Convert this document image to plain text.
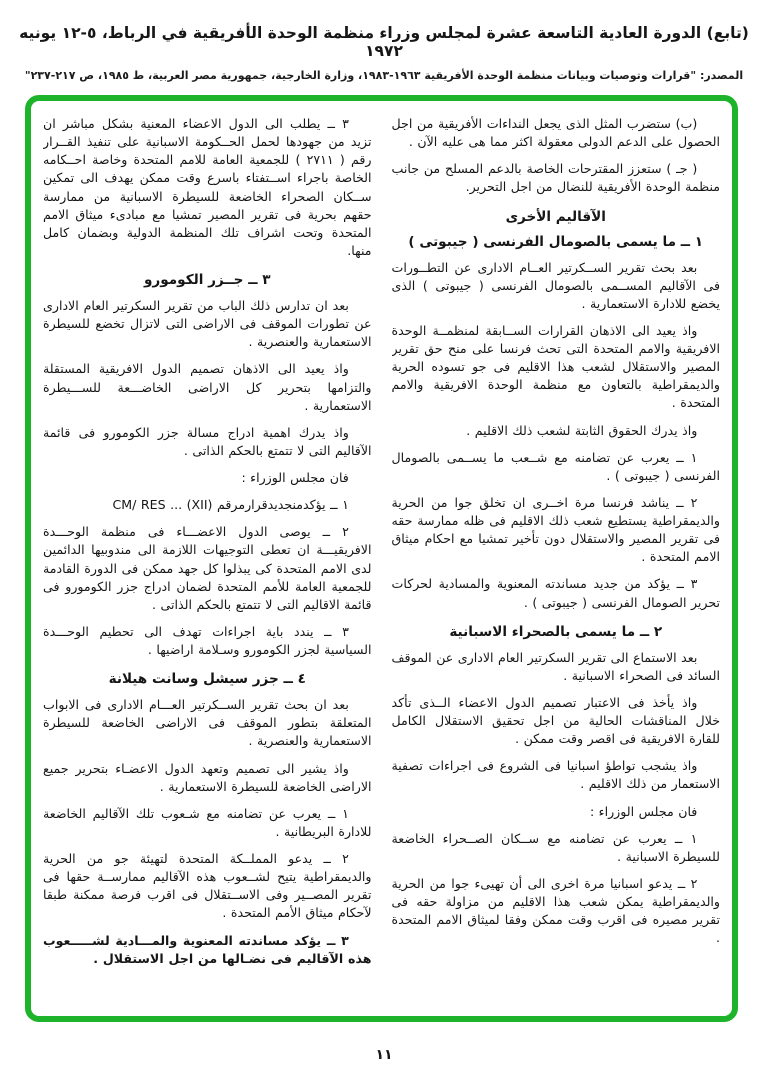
(تابع) الدورة العادية التاسعة عشرة لمجلس وزراء منظمة الوحدة الأفريقية في الرباط، ٥-١٢ يونيه ١٩٧٢
المصدر: "قرارات وتوصيات وبيانات منظمة الوحدة الأفريقية ١٩٦٣-١٩٨٣، وزارة الخارجية، جمهورية مصر العربية، ط ١٩٨٥، ص ٢١٧-٢٣٧"

(ب) ستضرب المثل الذى يجعل النداءات الأفريقية من اجل الحصول على الدعم الدولى معقولة اكثر مما هى عليه الآن .

( جـ ) ستعزز المقترحات الخاصة بالدعم المسلح من جانب منظمة الوحدة الأفريقية للنضال من اجل التحرير.

الآقاليم الأخرى
١ ــ ما يسمى بالصومال الفرنسى ( جيبوتى )

بعد بحث تقرير الســكرتير العــام الادارى عن التطــورات فى الآقاليم المســمى بالصومال الفرنسى ( جيبوتى ) الذى يخضع للادارة الاستعمارية .

واذ يعيد الى الاذهان القرارات الســابقة لمنظمــة الوحدة الافريقية والامم المتحدة التى تحث فرنسا على منح حق تقرير المصير والاستقلال لشعب هذا الاقليم فى جو تسوده الحرية والديمقراطية بالتعاون مع منظمة الوحدة الافريقية والامم المتحدة .

واذ يدرك الحقوق الثابتة لشعب ذلك الاقليم .

١ ــ يعرب عن تضامنه مع شــعب ما يســمى بالصومال الفرنسى ( جيبوتى ) .

٢ ــ يناشد فرنسا مرة اخــرى ان تخلق جوا من الحرية والديمقراطية يستطيع شعب ذلك الاقليم فى ظله ممارسة حقه فى تقرير المصير والاستقلال دون تأخير تمشيا مع احكام ميثاق الامم المتحدة .

٣ ــ يؤكد من جديد مساندته المعنوية والمسادية لحركات تحرير الصومال الفرنسى ( جيبوتى ) .

٢ ــ ما يسمى بالصحراء الاسبانية

بعد الاستماع الى تقرير السكرتير العام الادارى عن الموقف السائد فى الصحراء الاسبانية .

واذ يأخذ فى الاعتبار تصميم الدول الاعضاء الــذى تأكد خلال المناقشات الحالية من اجل تحقيق الاستقلال الكامل للقارة الافريقية فى اقصر وقت ممكن .

واذ يشجب تواطؤ اسبانيا فى الشروع فى اجراءات تصفية الاستعمار من ذلك الاقليم .

فان مجلس الوزراء :

١ ــ يعرب عن تضامنه مع ســكان الصــحراء الخاضعة للسيطرة الاسبانية .

٢ ــ يدعو اسبانيا مرة اخرى الى أن تهيىء جوا من الحرية والديمقراطية يمكن شعب هذا الاقليم من مزاولة حقه فى تقرير مصيره فى اقرب وقت ممكن وفقا لميثاق الامم المتحدة .

٣ ــ يطلب الى الدول الاعضاء المعنية بشكل مباشر ان تزيد من جهودها لحمل الحــكومة الاسبانية على تنفيذ القــرار رقم ( ٢٧١١ ) للجمعية العامة للامم المتحدة وخاصة احــكامه الخاصة باجراء اســتفتاء باسرع وقت ممكن يهدف الى تمكين ســكان الصحراء الخاضعة للسيطرة الاسبانية من ممارسة حقهم بحرية فى تقرير المصير تمشيا مع مبادىء ميثاق الامم المتحدة وتحت اشراف تلك المنظمة الدولية وبضمان كامل منها.

٣ ــ جــزر الكومورو

بعد ان تدارس ذلك الباب من تقرير السكرتير العام الادارى عن تطورات الموقف فى الاراضى التى لاتزال تخضع للسيطرة الاستعمارية والعنصرية .

واذ يعيد الى الاذهان تصميم الدول الافريقية المستقلة والتزامها بتحرير كل الاراضى الخاضـــعة للســـيطرة الاستعمارية .

واذ يدرك اهمية ادراج مسالة جزر الكومورو فى قائمة الآقاليم التى لا تتمتع بالحكم الذاتى .

فان مجلس الوزراء :

١ ــ يؤكدمنجديدقرارمرقم CM/ RES ... (XII)

٢ ــ يوصى الدول الاعضـــاء فى منظمة الوحـــدة الافريقيـــة ان تعطى التوجيهات اللازمة الى مندوبيها الدائمين لدى الامم المتحدة كى يبذلوا كل جهد ممكن فى الدورة القادمة للجمعية العامة للأمم المتحدة لضمان ادراج جزر الكومورو فى قائمة الاقاليم التى لا تتمتع بالحكم الذاتى .

٣ ــ يندد باية اجراءات تهدف الى تحطيم الوحـــدة السياسية لجزر الكومورو وسـلامة اراضيها .

٤ ــ جزر سيشل وسانت هيلانة

بعد ان بحث تقرير الســكرتير العـــام الادارى فى الابواب المتعلقة بتطور الموقف فى الاراضى الخاضعة للسيطرة الاستعمارية والعنصرية .

واذ يشير الى تصميم وتعهد الدول الاعضـاء بتحرير جميع الاراضى الخاضعة للسيطرة الاستعمارية .

١ ــ يعرب عن تضامنه مع شـعوب تلك الآقاليم الخاضعة للادارة البريطانية .

٢ ــ يدعو المملــكة المتحدة لتهيئة جو من الحرية والديمقراطية يتيح لشــعوب هذه الآقاليم ممارســة حقها فى تقرير المصــير وفى الاســتقلال فى اقرب فرصة ممكنة طبقا لآحكام ميثاق الأمم المتحدة .

٣ ــ يؤكد مساندته المعنوية والمـــادية لشـــــعوب هذه الآقاليم فى نضـالها من اجل الاستقلال .

١١
